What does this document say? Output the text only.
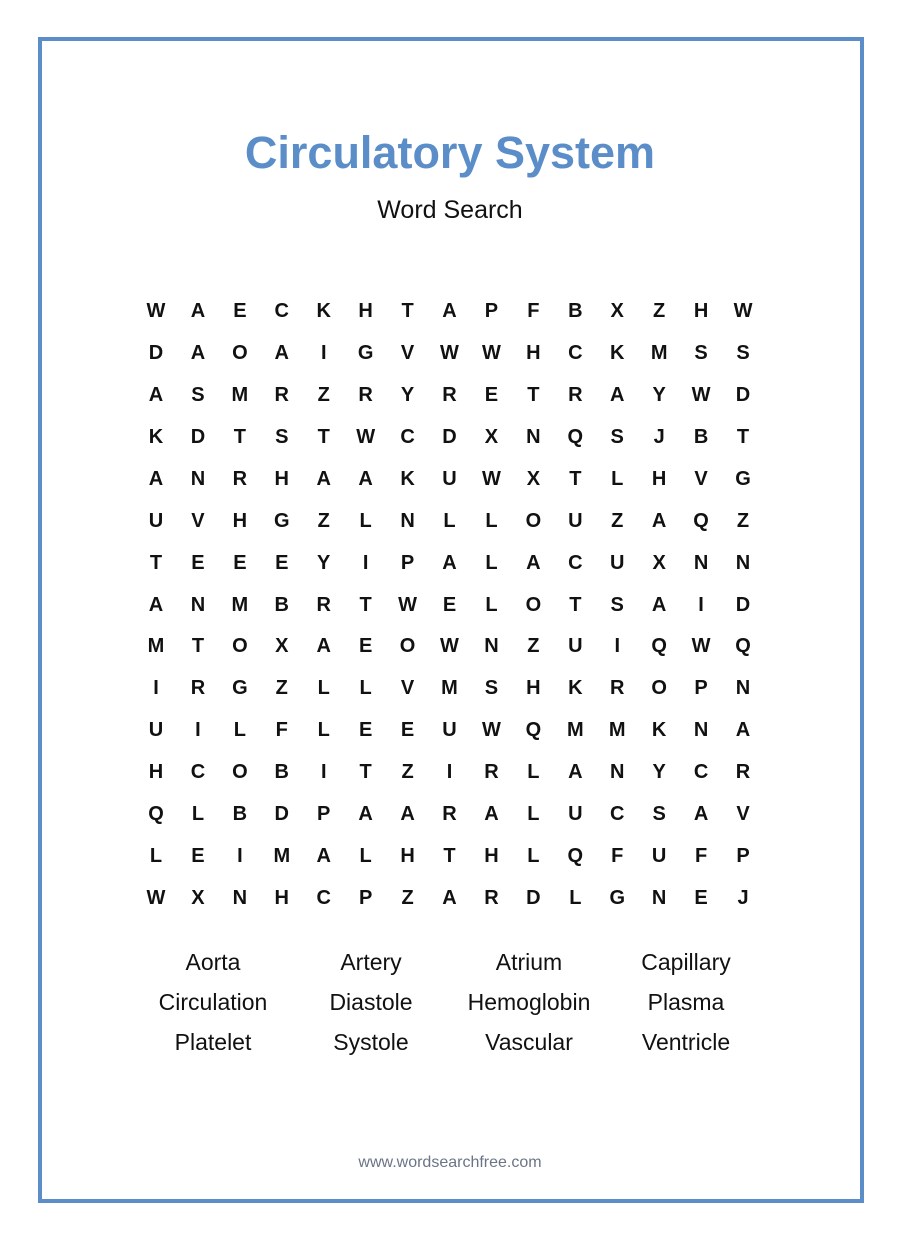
Circulatory System
Word Search
W	A	E	C	K	H	T	A	P	F	B	X	Z	H	W
D	A	O	A	I	G	V	W	W	H	C	K	M	S	S
A	S	M	R	Z	R	Y	R	E	T	R	A	Y	W	D
K	D	T	S	T	W	C	D	X	N	Q	S	J	B	T
A	N	R	H	A	A	K	U	W	X	T	L	H	V	G
U	V	H	G	Z	L	N	L	L	O	U	Z	A	Q	Z
T	E	E	E	Y	I	P	A	L	A	C	U	X	N	N
A	N	M	B	R	T	W	E	L	O	T	S	A	I	D
M	T	O	X	A	E	O	W	N	Z	U	I	Q	W	Q
I	R	G	Z	L	L	V	M	S	H	K	R	O	P	N
U	I	L	F	L	E	E	U	W	Q	M	M	K	N	A
H	C	O	B	I	T	Z	I	R	L	A	N	Y	C	R
Q	L	B	D	P	A	A	R	A	L	U	C	S	A	V
L	E	I	M	A	L	H	T	H	L	Q	F	U	F	P
W	X	N	H	C	P	Z	A	R	D	L	G	N	E	J
Aorta	Artery	Atrium	Capillary
Circulation	Diastole	Hemoglobin	Plasma
Platelet	Systole	Vascular	Ventricle
www.wordsearchfree.com
